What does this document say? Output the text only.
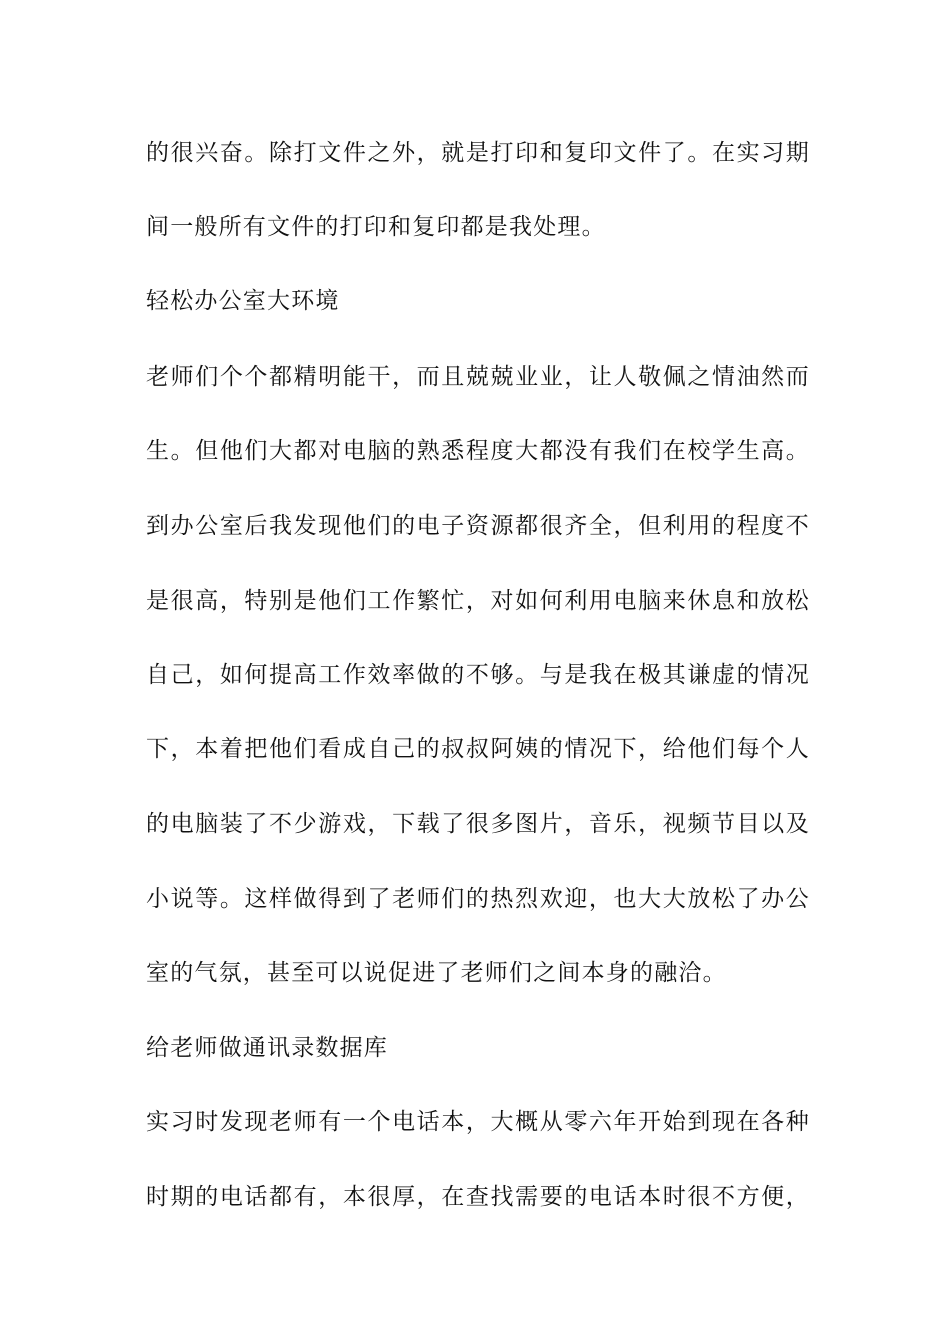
的很兴奋。除打文件之外，就是打印和复印文件了。在实习期
间一般所有文件的打印和复印都是我处理。
轻松办公室大环境
老师们个个都精明能干，而且兢兢业业，让人敬佩之情油然而
生。但他们大都对电脑的熟悉程度大都没有我们在校学生高。
到办公室后我发现他们的电子资源都很齐全，但利用的程度不
是很高，特别是他们工作繁忙，对如何利用电脑来休息和放松
自己，如何提高工作效率做的不够。与是我在极其谦虚的情况
下，本着把他们看成自己的叔叔阿姨的情况下，给他们每个人
的电脑装了不少游戏，下载了很多图片，音乐，视频节目以及
小说等。这样做得到了老师们的热烈欢迎，也大大放松了办公
室的气氛，甚至可以说促进了老师们之间本身的融洽。
给老师做通讯录数据库
实习时发现老师有一个电话本，大概从零六年开始到现在各种
时期的电话都有，本很厚，在查找需要的电话本时很不方便，
